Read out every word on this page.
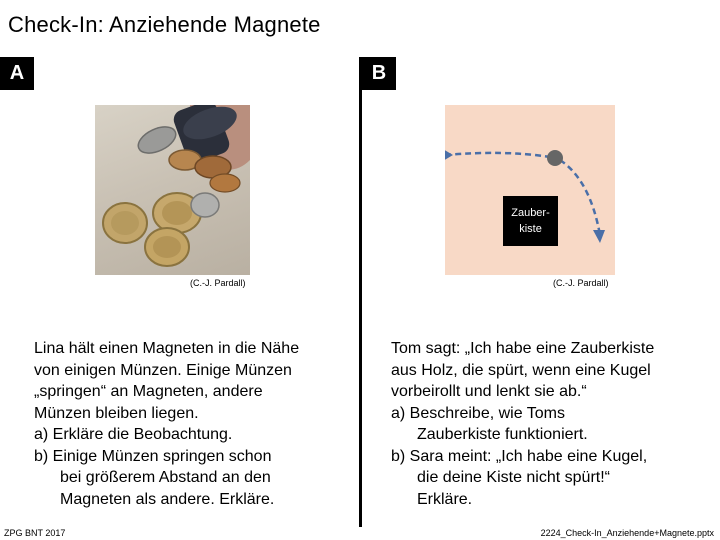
Check-In: Anziehende Magnete
A	B
(C.-J. Pardall)
Zauber-
kiste
(C.-J. Pardall)
Lina hält einen Magneten in die Nähe
von einigen Münzen. Einige Münzen
„springen“ an Magneten, andere
Münzen bleiben liegen.
a) Erkläre die Beobachtung.
b) Einige Münzen springen schon
bei größerem Abstand an den
Magneten als andere. Erkläre.
Tom sagt: „Ich habe eine Zauberkiste
aus Holz, die spürt, wenn eine Kugel
vorbeirollt und lenkt sie ab.“
a) Beschreibe, wie Toms
Zauberkiste funktioniert.
b) Sara meint: „Ich habe eine Kugel,
die deine Kiste nicht spürt!“
Erkläre.
ZPG BNT 2017	2224_Check-In_Anziehende+Magnete.pptx
